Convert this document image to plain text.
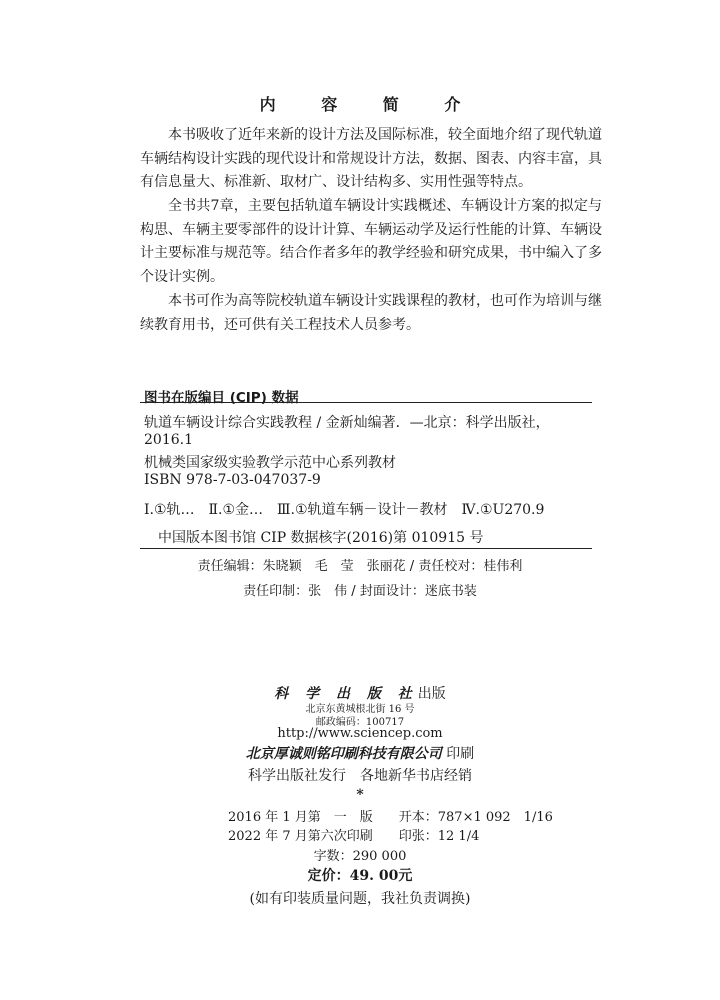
内 容 简 介
本书吸收了近年来新的设计方法及国际标准，较全面地介绍了现代轨道车辆结构设计实践的现代设计和常规设计方法，数据、图表、内容丰富，具有信息量大、标准新、取材广、设计结构多、实用性强等特点。
全书共7章，主要包括轨道车辆设计实践概述、车辆设计方案的拟定与构思、车辆主要零部件的设计计算、车辆运动学及运行性能的计算、车辆设计主要标准与规范等。结合作者多年的教学经验和研究成果，书中编入了多个设计实例。
本书可作为高等院校轨道车辆设计实践课程的教材，也可作为培训与继续教育用书，还可供有关工程技术人员参考。
图书在版编目 (CIP) 数据
轨道车辆设计综合实践教程 / 金新灿编著．—北京：科学出版社，
2016.1
机械类国家级实验教学示范中心系列教材
ISBN 978-7-03-047037-9
Ⅰ.①轨…　Ⅱ.①金…　Ⅲ.①轨道车辆－设计－教材　Ⅳ.①U270.9
中国版本图书馆 CIP 数据核字(2016)第 010915 号
责任编辑：朱晓颖　毛　莹　张丽花 / 责任校对：桂伟利
责任印制：张　伟 / 封面设计：迷底书装
科 学 出 版 社出版
北京东黄城根北街 16 号
邮政编码：100717
http://www.sciencep.com
北京厚诚则铭印刷科技有限公司 印刷
科学出版社发行　各地新华书店经销
*
2016 年 1 月第　一　版　　开本：787×1 092　1/16
2022 年 7 月第六次印刷　　印张：12 1/4
字数：290 000
定价：49. 00元
(如有印装质量问题，我社负责调换)
